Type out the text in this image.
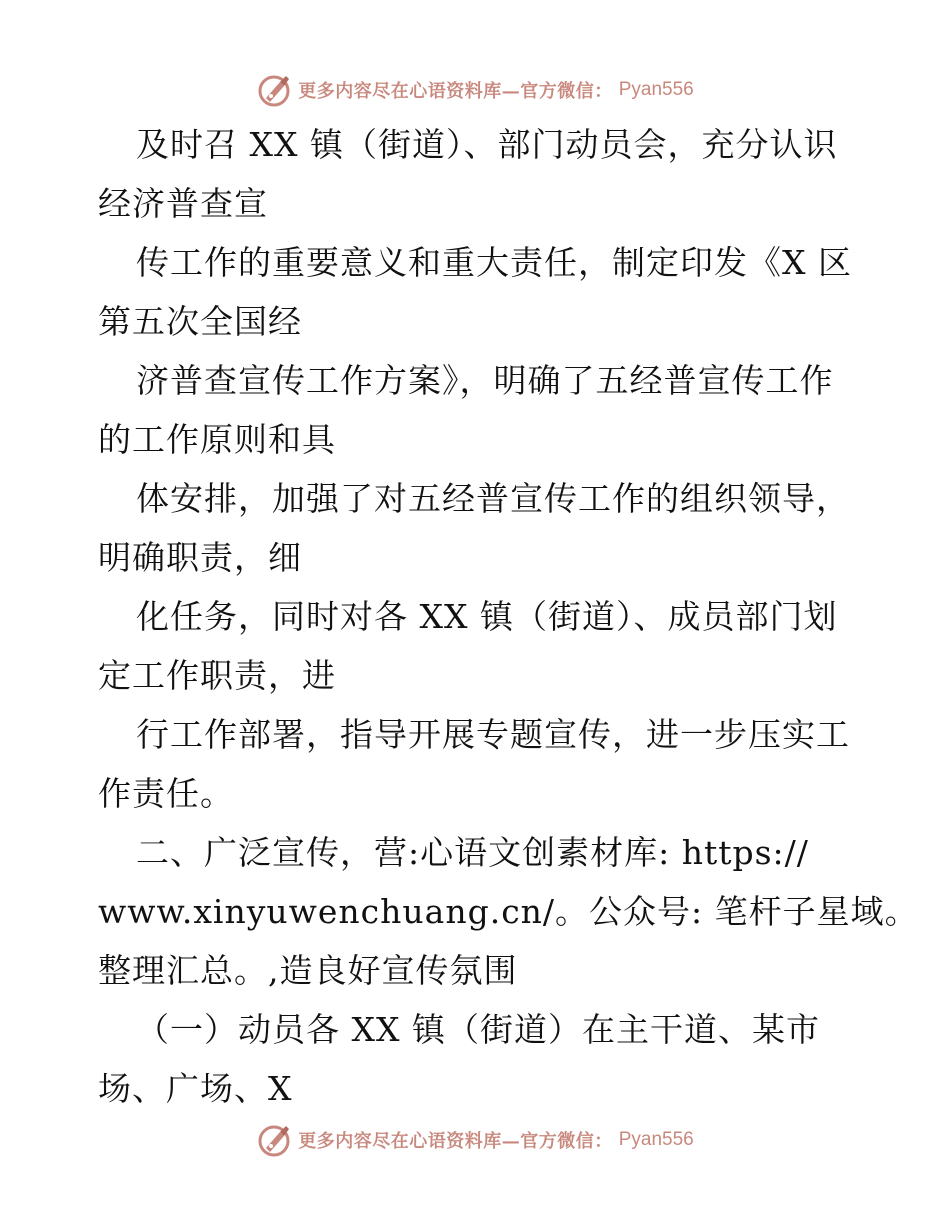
更多内容尽在心语资料库—官方微信： Pyan556
及时召 XX 镇（街道）、部门动员会，充分认识
经济普查宣
传工作的重要意义和重大责任，制定印发《X 区
第五次全国经
济普查宣传工作方案》，明确了五经普宣传工作
的工作原则和具
体安排，加强了对五经普宣传工作的组织领导，
明确职责，细
化任务，同时对各 XX 镇（街道）、成员部门划
定工作职责，进
行工作部署，指导开展专题宣传，进一步压实工
作责任。
二、广泛宣传，营:心语文创素材库: https://
www.xinyuwenchuang.cn/。公众号: 笔杆子星域。
整理汇总。,造良好宣传氛围
（一）动员各 XX 镇（街道）在主干道、某市
场、广场、X
更多内容尽在心语资料库—官方微信： Pyan556
